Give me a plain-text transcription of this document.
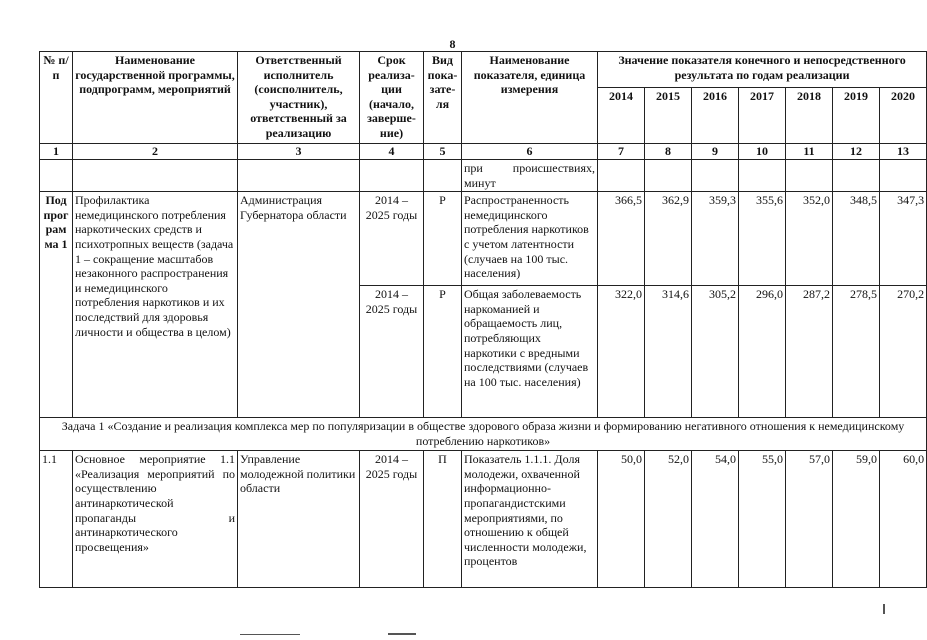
8
№ п/п	Наименование государственной программы, подпрограмм, мероприятий	Ответственный исполнитель (соисполнитель, участник), ответственный за реализацию	Срок реализа-ции (начало, заверше-ние)	Вид пока-зате-ля	Наименование показателя, единица измерения	Значение показателя конечного и непосредственного результата по годам реализации						
						2014	2015	2016	2017	2018	2019	2020
1	2	3	4	5	6	7	8	9	10	11	12	13
					при происшествиях, минут							
Под прог рам ма 1	Профилактика немедицинского потребления наркотических средств и психотропных веществ (задача 1 – сокращение масштабов незаконного распространения и немедицинского потребления наркотиков и их последствий для здоровья личности и общества в целом)	Администрация Губернатора области	2014 – 2025 годы	Р	Распространенность немедицинского потребления наркотиков с учетом латентности (случаев на 100 тыс. населения)	366,5	362,9	359,3	355,6	352,0	348,5	347,3
			2014 – 2025 годы	Р	Общая заболеваемость наркоманией и обращаемость лиц, потребляющих наркотики с вредными последствиями (случаев на 100 тыс. населения)	322,0	314,6	305,2	296,0	287,2	278,5	270,2
Задача 1 «Создание и реализация комплекса мер по популяризации в обществе здорового образа жизни и формированию негативного отношения к немедицинскому потреблению наркотиков»												
1.1	Основное мероприятие 1.1 «Реализация мероприятий по осуществлению антинаркотической пропаганды и антинаркотического просвещения»	Управление молодежной политики области	2014 – 2025 годы	П	Показатель 1.1.1. Доля молодежи, охваченной информационно-пропагандистскими мероприятиями, по отношению к общей численности молодежи, процентов	50,0	52,0	54,0	55,0	57,0	59,0	60,0
